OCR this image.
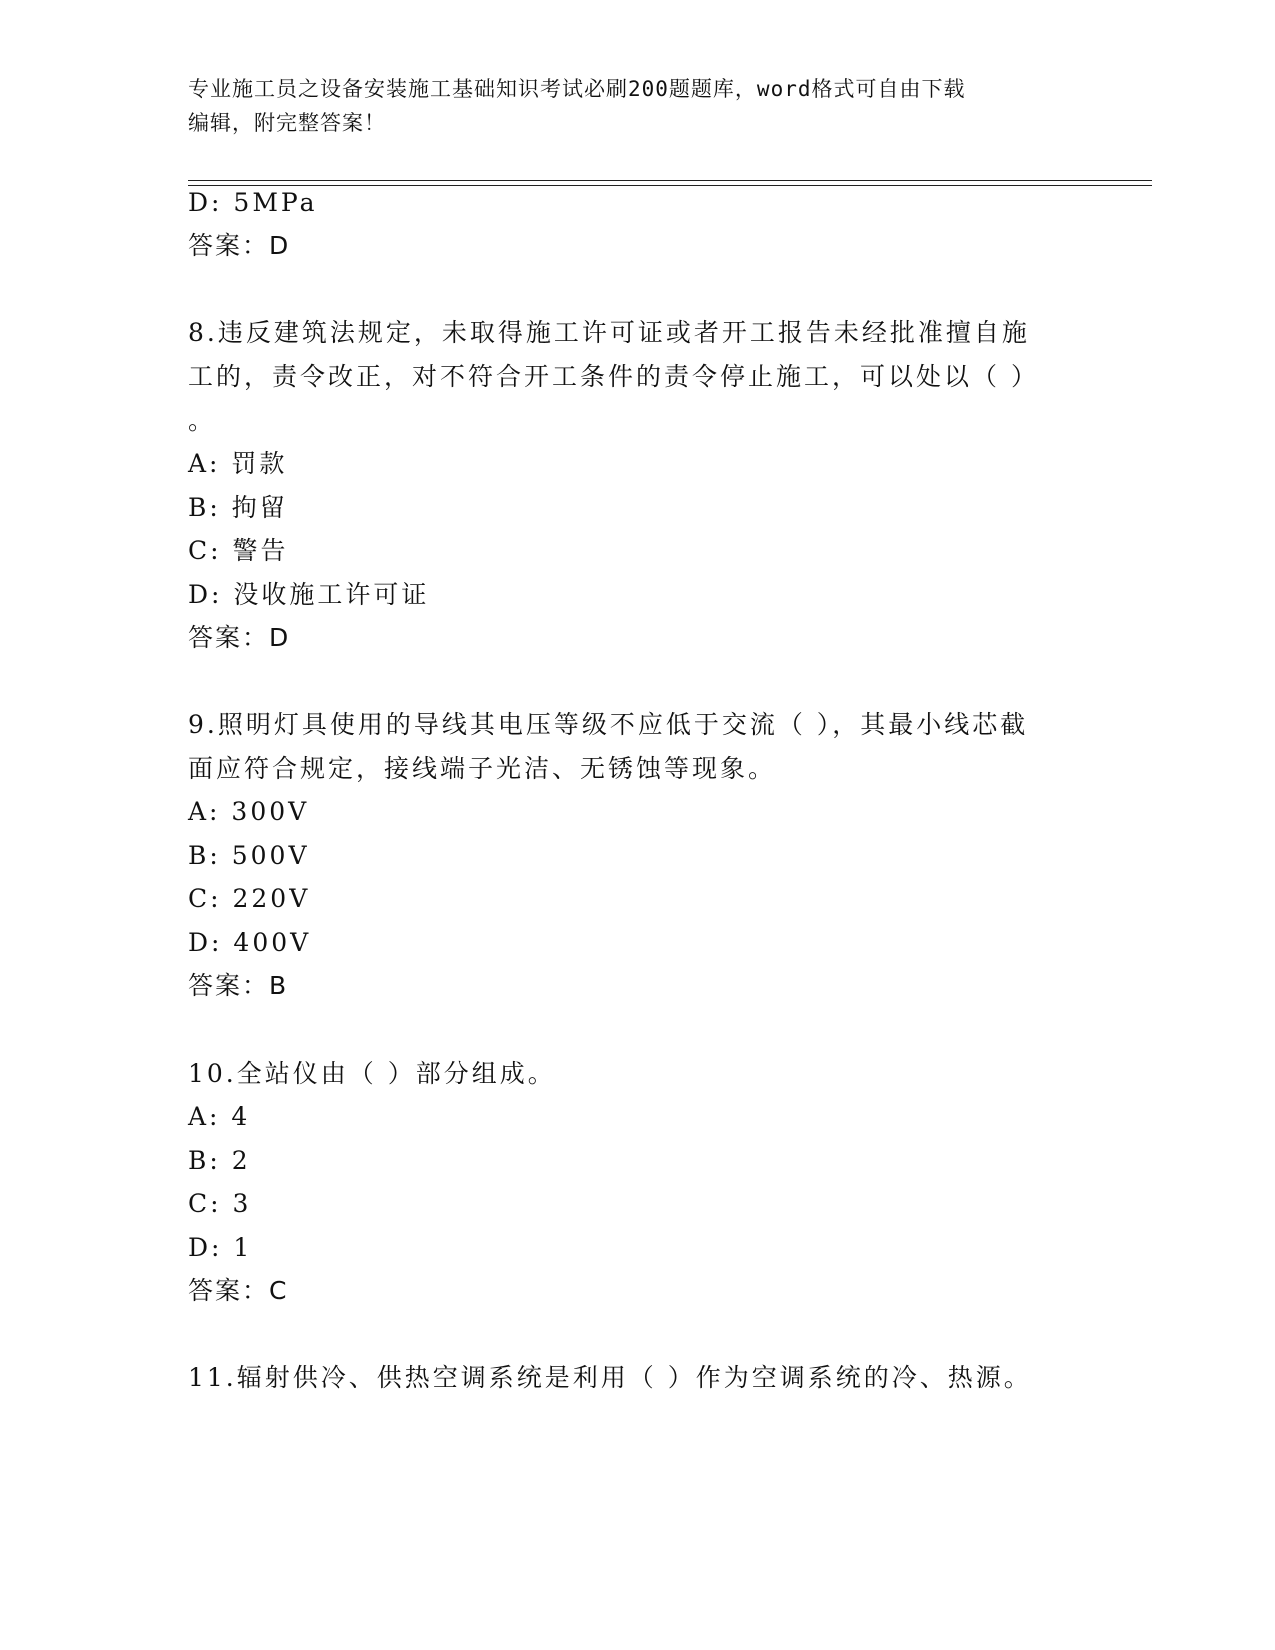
专业施工员之设备安装施工基础知识考试必刷200题题库，word格式可自由下载
编辑，附完整答案！
D: 5MPa
答案：D
8.违反建筑法规定，未取得施工许可证或者开工报告未经批准擅自施
工的，责令改正，对不符合开工条件的责令停止施工，可以处以（ ）
。
A: 罚款
B: 拘留
C: 警告
D: 没收施工许可证
答案：D
9.照明灯具使用的导线其电压等级不应低于交流（ ），其最小线芯截
面应符合规定，接线端子光洁、无锈蚀等现象。
A: 300V
B: 500V
C: 220V
D: 400V
答案：B
10.全站仪由（ ）部分组成。
A: 4
B: 2
C: 3
D: 1
答案：C
11.辐射供冷、供热空调系统是利用（ ）作为空调系统的冷、热源。
